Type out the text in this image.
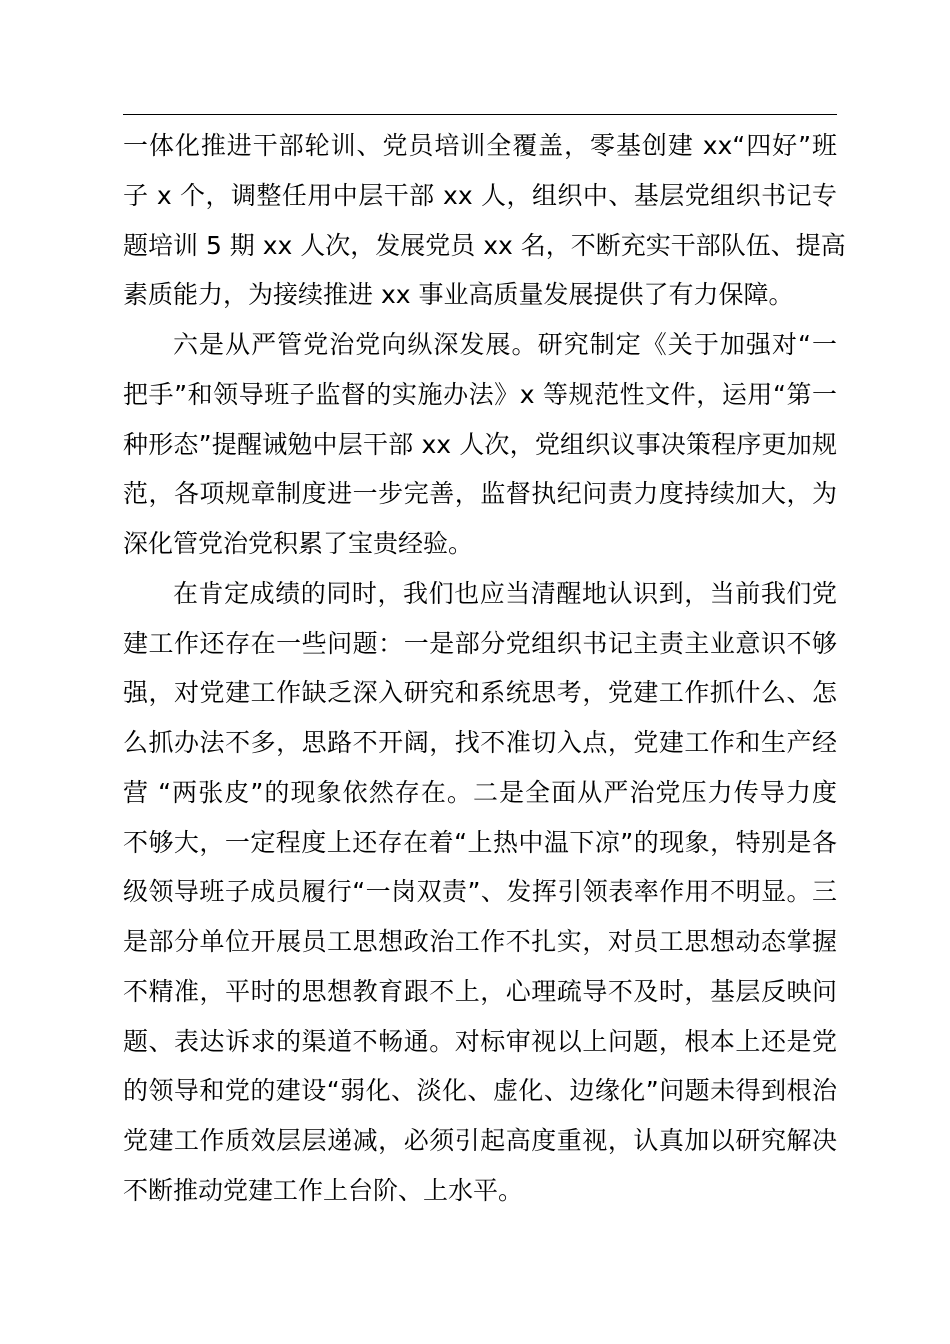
一体化推进干部轮训、党员培训全覆盖，零基创建 xx“四好”班
子 x 个，调整任用中层干部 xx 人，组织中、基层党组织书记专
题培训 5 期 xx 人次，发展党员 xx 名，不断充实干部队伍、提高
素质能力，为接续推进 xx 事业高质量发展提供了有力保障。
六是从严管党治党向纵深发展。研究制定《关于加强对“一
把手”和领导班子监督的实施办法》x 等规范性文件，运用“第一
种形态”提醒诫勉中层干部 xx 人次，党组织议事决策程序更加规
范，各项规章制度进一步完善，监督执纪问责力度持续加大，为
深化管党治党积累了宝贵经验。
在肯定成绩的同时，我们也应当清醒地认识到，当前我们党
建工作还存在一些问题：一是部分党组织书记主责主业意识不够
强，对党建工作缺乏深入研究和系统思考，党建工作抓什么、怎
么抓办法不多，思路不开阔，找不准切入点，党建工作和生产经
营 “两张皮”的现象依然存在。二是全面从严治党压力传导力度
不够大，一定程度上还存在着“上热中温下凉”的现象，特别是各
级领导班子成员履行“一岗双责”、发挥引领表率作用不明显。三
是部分单位开展员工思想政治工作不扎实，对员工思想动态掌握
不精准，平时的思想教育跟不上，心理疏导不及时，基层反映问
题、表达诉求的渠道不畅通。对标审视以上问题，根本上还是党
的领导和党的建设“弱化、淡化、虚化、边缘化”问题未得到根治
党建工作质效层层递减，必须引起高度重视，认真加以研究解决
不断推动党建工作上台阶、上水平。
